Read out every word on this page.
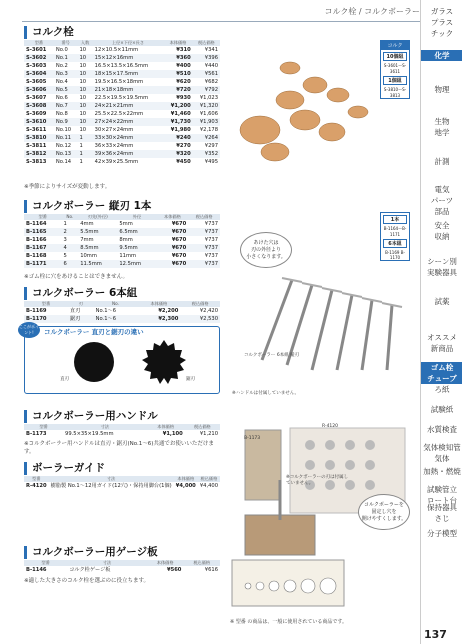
コルク栓 / コルクボーラー	ガラス
プラス
チック
化学
物理
生物
地学
計測
電気
パーツ
部品
安全
収納
シーン別
実験器具
試薬
オススメ
新商品
ゴム栓
チューブ
ろ紙
試験紙
水質検査
気体検知管
気体
加熱・燃焼
試験管立
ロート台
保持器具
さじ
分子模型
コルク栓
型番	番号	入数	上径×下径×長さ	本体価格	税込価格
S-3601	No.0	10	12×10.5×11mm	¥310	¥341
S-3602	No.1	10	15×12×16mm	¥360	¥396
S-3603	No.2	10	16.5×13.5×16.5mm	¥400	¥440
S-3604	No.3	10	18×15×17.5mm	¥510	¥561
S-3605	No.4	10	19.5×16.5×18mm	¥620	¥682
S-3606	No.5	10	21×18×18mm	¥720	¥792
S-3607	No.6	10	22.5×19.5×19.5mm	¥930	¥1,023
S-3608	No.7	10	24×21×21mm	¥1,200	¥1,320
S-3609	No.8	10	25.5×22.5×22mm	¥1,460	¥1,606
S-3610	No.9	10	27×24×22mm	¥1,730	¥1,903
S-3611	No.10	10	30×27×24mm	¥1,980	¥2,178
S-3810	No.11	1	33×30×24mm	¥240	¥264
S-3811	No.12	1	36×33×24mm	¥270	¥297
S-3812	No.13	1	39×36×24mm	¥320	¥352
S-3813	No.14	1	42×39×25.5mm	¥450	¥495
※季節によりサイズが変動します。
コルク
10個組
S-3601～S-3611
1個組
S-3810～S-3813
コルクボーラー 縦刃 1本
型番	No.	刃先(外径)	外径	本体価格	税込価格
B-1164	1	4mm	5mm	¥670	¥737
B-1165	2	5.5mm	6.5mm	¥670	¥737
B-1166	3	7mm	8mm	¥670	¥737
B-1167	4	8.5mm	9.5mm	¥670	¥737
B-1168	5	10mm	11mm	¥670	¥737
B-1171	6	11.5mm	12.5mm	¥670	¥737
※ゴム栓に穴をあけることはできません。
あけた穴は
刃の外径より
小さくなります。
1本
B-1164～B-1171
6本組
B-1169 B-1170
コルクボーラー 6本組 縦刃
コルクボーラー 6本組
型番	刃	No.	本体価格	税込価格
B-1169	直刃	No.1～6	¥2,200	¥2,420
B-1170	鋸刃	No.1～6	¥2,300	¥2,530
ここがポイント!	コルクボーラー 直刃と鋸刃の違い
直刃	鋸刃
※ハンドルは付属していません。
コルクボーラー用ハンドル
型番	寸法	本体価格	税込価格
B-1173	99.5×35×19.5mm	¥1,100	¥1,210
※コルクボーラー用ハンドルは直刃・鋸刃(No.1～6)共通でお使いいただけます。
ボーラーガイド
型番	寸法	本体価格	税込価格
R-4120	樹脂製 No.1～12用ガイド(12穴)・保持用脚台(1個)	¥4,000	¥4,400
B-1173
R-4120
※コルクボーラーの刃は付属していません。
コルクボーラーを
固定し穴を
開けやすくします。
コルクボーラー用ゲージ板
型番	寸法	本体価格	税込価格
B-1146	コルク栓ゲージ板	¥560	¥616
※適した大きさのコルク栓を選ぶのに役立ちます。
※ 型番 の商品は、一般に使用されている商品です。
137
